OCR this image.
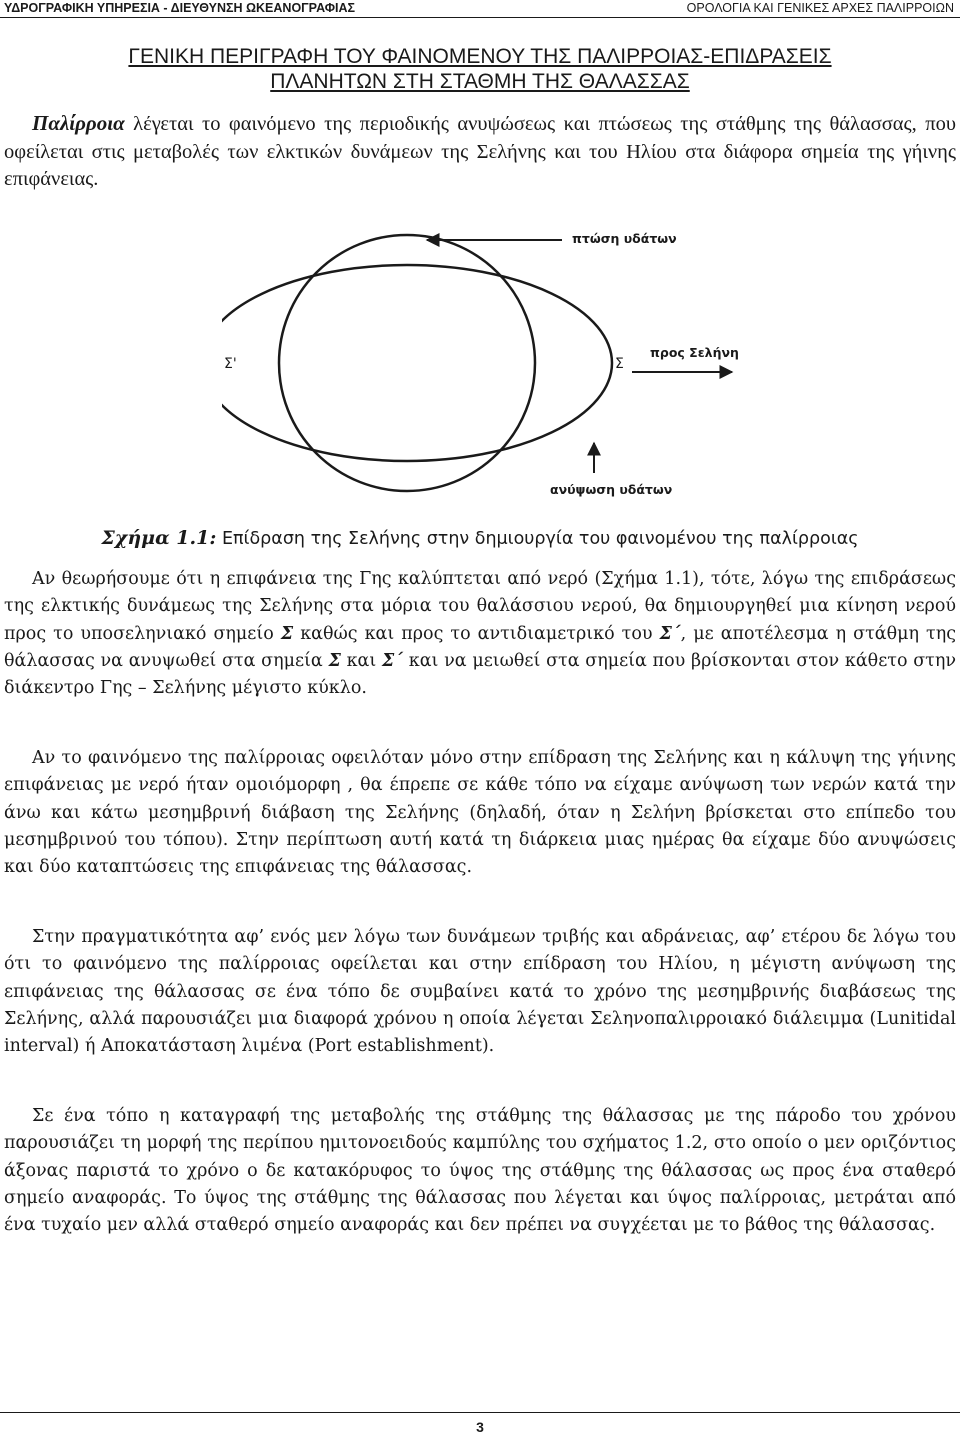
ΥΔΡΟΓΡΑΦΙΚΗ ΥΠΗΡΕΣΙΑ - ΔΙΕΥΘΥΝΣΗ ΩΚΕΑΝΟΓΡΑΦΙΑΣ	ΟΡΟΛΟΓΙΑ ΚΑΙ ΓΕΝΙΚΕΣ ΑΡΧΕΣ ΠΑΛΙΡΡΟΙΩΝ
ΓΕΝΙΚΗ ΠΕΡΙΓΡΑΦΗ ΤΟΥ ΦΑΙΝΟΜΕΝΟΥ ΤΗΣ ΠΑΛΙΡΡΟΙΑΣ-ΕΠΙΔΡΑΣΕΙΣ
ΠΛΑΝΗΤΩΝ ΣΤΗ ΣΤΑΘΜΗ ΤΗΣ ΘΑΛΑΣΣΑΣ
Παλίρροια λέγεται το φαινόμενο της περιοδικής ανυψώσεως και πτώσεως της στάθμης της θάλασσας, που οφείλεται στις μεταβολές των ελκτικών δυνάμεων της Σελήνης και του Ηλίου στα διάφορα σημεία της γήινης επιφάνειας.
πτώση υδάτων
προς Σελήνη
ανύψωση υδάτων
Σ'	Σ
Σχήμα 1.1: Επίδραση της Σελήνης στην δημιουργία του φαινομένου της παλίρροιας
Αν θεωρήσουμε ότι η επιφάνεια της Γης καλύπτεται από νερό (Σχήμα 1.1), τότε, λόγω της επιδράσεως της ελκτικής δυνάμεως της Σελήνης στα μόρια του θαλάσσιου νερού, θα δημιουργηθεί μια κίνηση νερού προς το υποσεληνιακό σημείο Σ καθώς και προς το αντιδιαμετρικό του Σ΄, με αποτέλεσμα η στάθμη της θάλασσας να ανυψωθεί στα σημεία Σ και Σ΄ και να μειωθεί στα σημεία που βρίσκονται στον κάθετο στην διάκεντρο Γης – Σελήνης μέγιστο κύκλο.
Αν το φαινόμενο της παλίρροιας οφειλόταν μόνο στην επίδραση της Σελήνης και η κάλυψη της γήινης επιφάνειας με νερό ήταν ομοιόμορφη , θα έπρεπε σε κάθε τόπο να είχαμε ανύψωση των νερών κατά την άνω και κάτω μεσημβρινή διάβαση της Σελήνης (δηλαδή, όταν η Σελήνη βρίσκεται στο επίπεδο του μεσημβρινού του τόπου). Στην περίπτωση αυτή κατά τη διάρκεια μιας ημέρας θα είχαμε δύο ανυψώσεις και δύο καταπτώσεις της επιφάνειας της θάλασσας.
Στην πραγματικότητα αφ’ ενός μεν λόγω των δυνάμεων τριβής και αδράνειας, αφ’ ετέρου δε λόγω του ότι το φαινόμενο της παλίρροιας οφείλεται και στην επίδραση του Ηλίου, η μέγιστη ανύψωση της επιφάνειας της θάλασσας σε ένα τόπο δε συμβαίνει κατά το χρόνο της μεσημβρινής διαβάσεως της Σελήνης, αλλά παρουσιάζει μια διαφορά χρόνου η οποία λέγεται Σεληνοπαλιρροιακό διάλειμμα (Lunitidal interval) ή Αποκατάσταση λιμένα (Port establishment).
Σε ένα τόπο η καταγραφή της μεταβολής της στάθμης της θάλασσας με της πάροδο του χρόνου παρουσιάζει τη μορφή της περίπου ημιτονοειδούς καμπύλης του σχήματος 1.2, στο οποίο ο μεν οριζόντιος άξονας παριστά το χρόνο ο δε κατακόρυφος το ύψος της στάθμης της θάλασσας ως προς ένα σταθερό σημείο αναφοράς. Το ύψος της στάθμης της θάλασσας που λέγεται και ύψος παλίρροιας, μετράται από ένα τυχαίο μεν αλλά σταθερό σημείο αναφοράς και δεν πρέπει να συγχέεται με το βάθος της θάλασσας.
3
